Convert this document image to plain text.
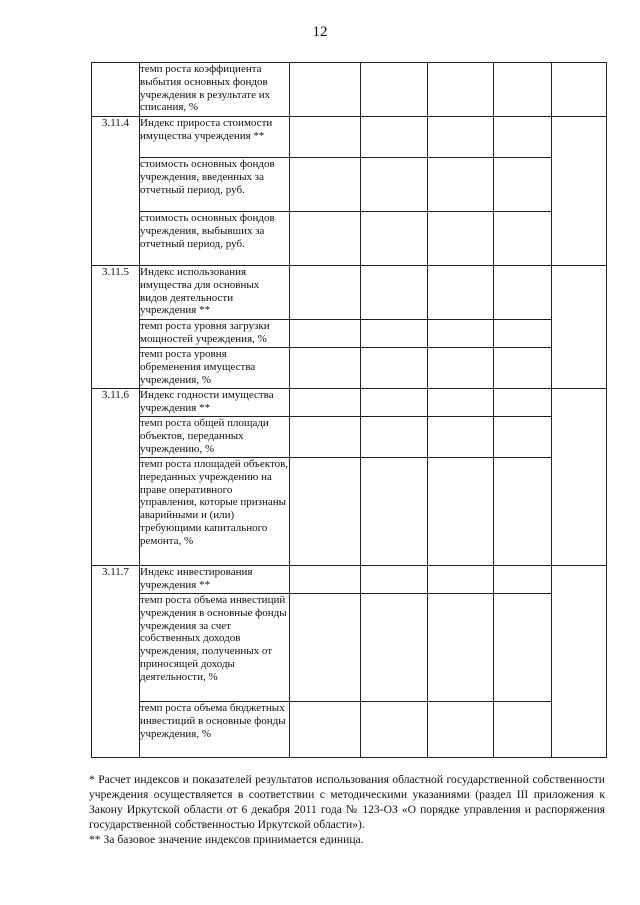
12
	темп роста коэффициента выбытия основных фондов учреждения в результате их списания, %					
3.11.4	Индекс прироста стоимости имущества учреждения **					
	стоимость основных фондов учреждения, введенных за отчетный период, руб.					
	стоимость основных фондов учреждения, выбывших за отчетный период, руб.					
3.11.5	Индекс использования имущества для основных видов деятельности учреждения **					
	темп роста уровня загрузки мощностей учреждения, %					
	темп роста уровня обременения имущества учреждения, %					
3.11.6	Индекс годности имущества учреждения **					
	темп роста общей площади объектов, переданных учреждению, %					
	темп роста площадей объектов, переданных учреждению на праве оперативного управления, которые признаны аварийными и (или) требующими капитального ремонта, %					
3.11.7	Индекс инвестирования учреждения **					
	темп роста объема инвестиций учреждения в основные фонды учреждения за счет собственных доходов учреждения, полученных от приносящей доходы деятельности, %					
	темп роста объема бюджетных инвестиций в основные фонды учреждения, %					

* Расчет индексов и показателей результатов использования областной государственной собственности учреждения осуществляется в соответствии с методическими указаниями (раздел III приложения к Закону Иркутской области от 6 декабря 2011 года № 123-ОЗ «О порядке управления и распоряжения государственной собственностью Иркутской области»).

** За базовое значение индексов принимается единица.
